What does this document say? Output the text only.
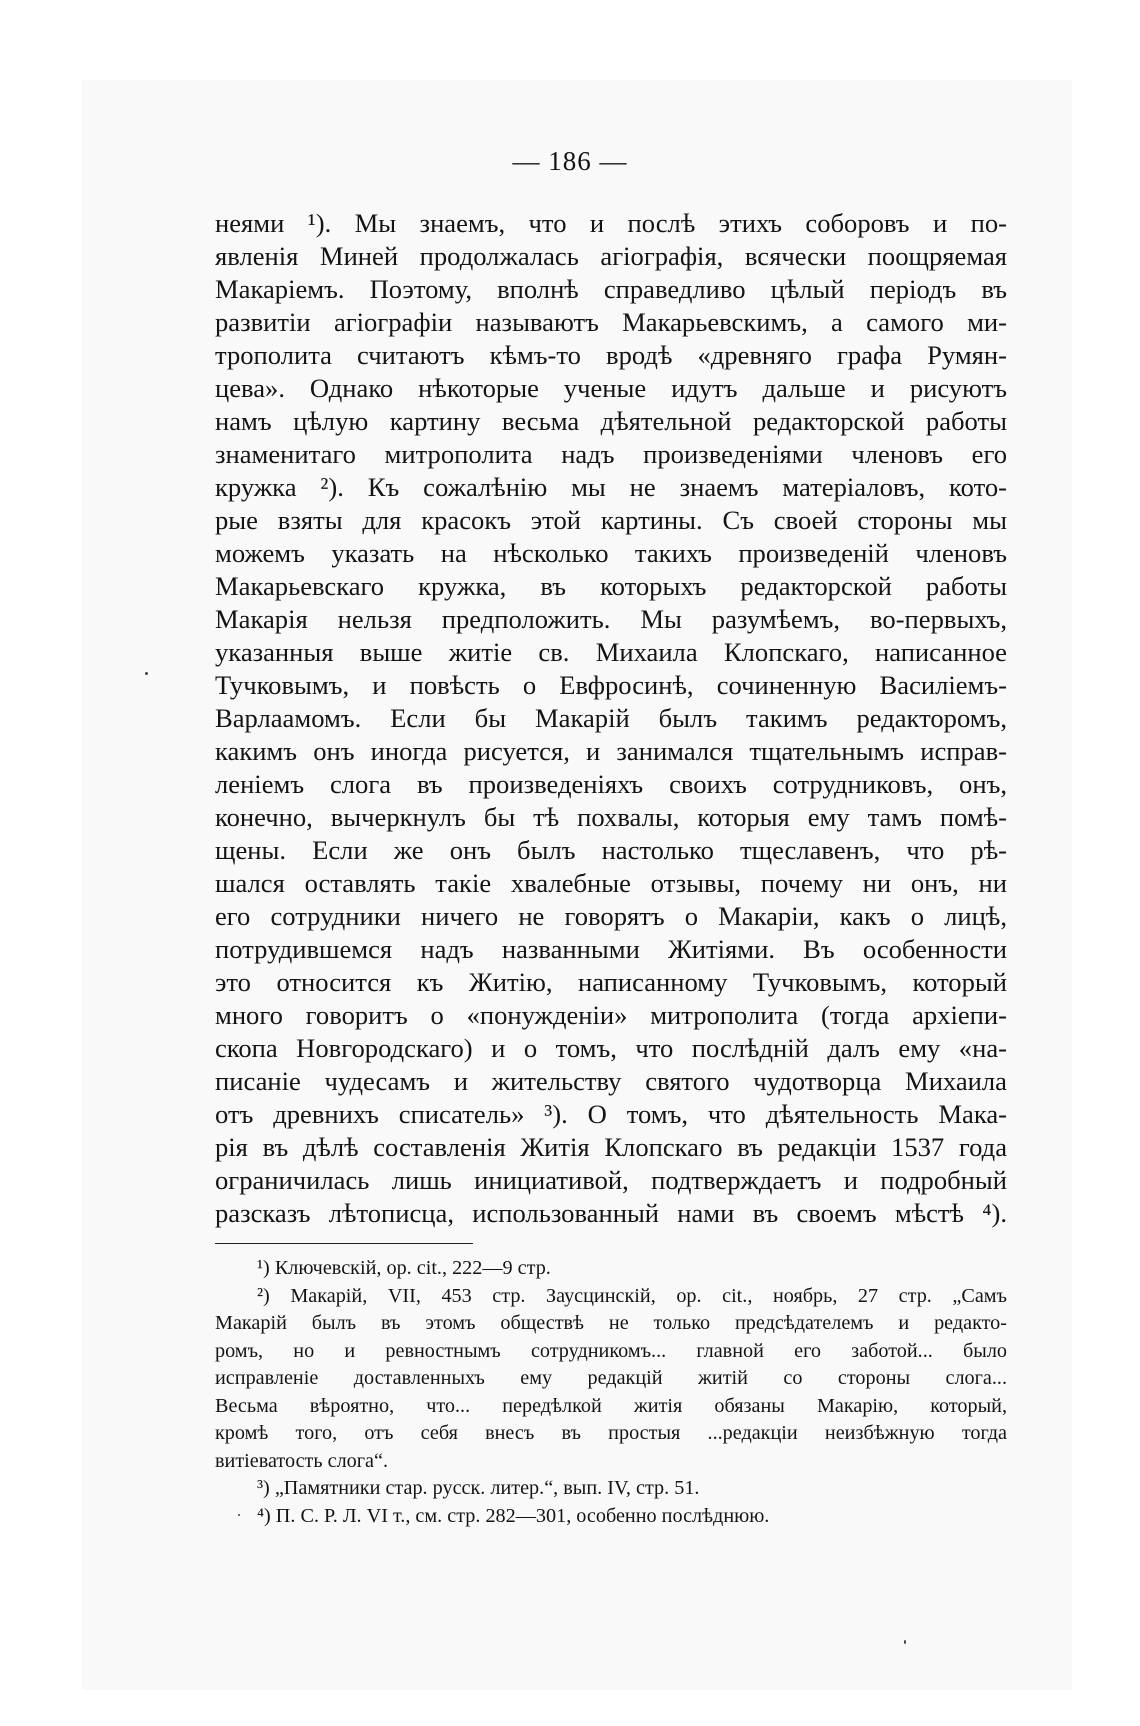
— 186 —
неями ¹). Мы знаемъ, что и послѣ этихъ соборовъ и по-
явленія Миней продолжалась агіографія, всячески поощряемая
Макаріемъ. Поэтому, вполнѣ справедливо цѣлый періодъ въ
развитіи агіографіи называютъ Макарьевскимъ, а самого ми-
трополита считаютъ кѣмъ-то вродѣ «древняго графа Румян-
цева». Однако нѣкоторые ученые идутъ дальше и рисуютъ
намъ цѣлую картину весьма дѣятельной редакторской работы
знаменитаго митрополита надъ произведеніями членовъ его
кружка ²). Къ сожалѣнію мы не знаемъ матеріаловъ, кото-
рые взяты для красокъ этой картины. Съ своей стороны мы
можемъ указать на нѣсколько такихъ произведеній членовъ
Макарьевскаго кружка, въ которыхъ редакторской работы
Макарія нельзя предположить. Мы разумѣемъ, во-первыхъ,
указанныя выше житіе св. Михаила Клопскаго, написанное
Тучковымъ, и повѣсть о Евфросинѣ, сочиненную Василіемъ-
Варлаамомъ. Если бы Макарій былъ такимъ редакторомъ,
какимъ онъ иногда рисуется, и занимался тщательнымъ исправ-
леніемъ слога въ произведеніяхъ своихъ сотрудниковъ, онъ,
конечно, вычеркнулъ бы тѣ похвалы, которыя ему тамъ помѣ-
щены. Если же онъ былъ настолько тщеславенъ, что рѣ-
шался оставлять такіе хвалебные отзывы, почему ни онъ, ни
его сотрудники ничего не говорятъ о Макаріи, какъ о лицѣ,
потрудившемся надъ названными Житіями. Въ особенности
это относится къ Житію, написанному Тучковымъ, который
много говоритъ о «понужденіи» митрополита (тогда архіепи-
скопа Новгородскаго) и о томъ, что послѣдній далъ ему «на-
писаніе чудесамъ и жительству святого чудотворца Михаила
отъ древнихъ списатель» ³). О томъ, что дѣятельность Мака-
рія въ дѣлѣ составленія Житія Клопскаго въ редакціи 1537 года
ограничилась лишь инициативой, подтверждаетъ и подробный
разсказъ лѣтописца, использованный нами въ своемъ мѣстѣ ⁴).
¹) Ключевскій, op. cit., 222—9 стр.
²) Макарій, VII, 453 стр. Заусцинскій, op. cit., ноябрь, 27 стр. „Самъ
Макарій былъ въ этомъ обществѣ не только предсѣдателемъ и редакто-
ромъ, но и ревностнымъ сотрудникомъ... главной его заботой... было
исправленіе доставленныхъ ему редакцій житій со стороны слога...
Весьма вѣроятно, что... передѣлкой житія обязаны Макарію, который,
кромѣ того, отъ себя внесъ въ простыя ...редакціи неизбѣжную тогда
витіеватость слога“.
³) „Памятники стар. русск. литер.“, вып. IV, стр. 51.
⁴) П. С. Р. Л. VI т., см. стр. 282—301, особенно послѣднюю.
